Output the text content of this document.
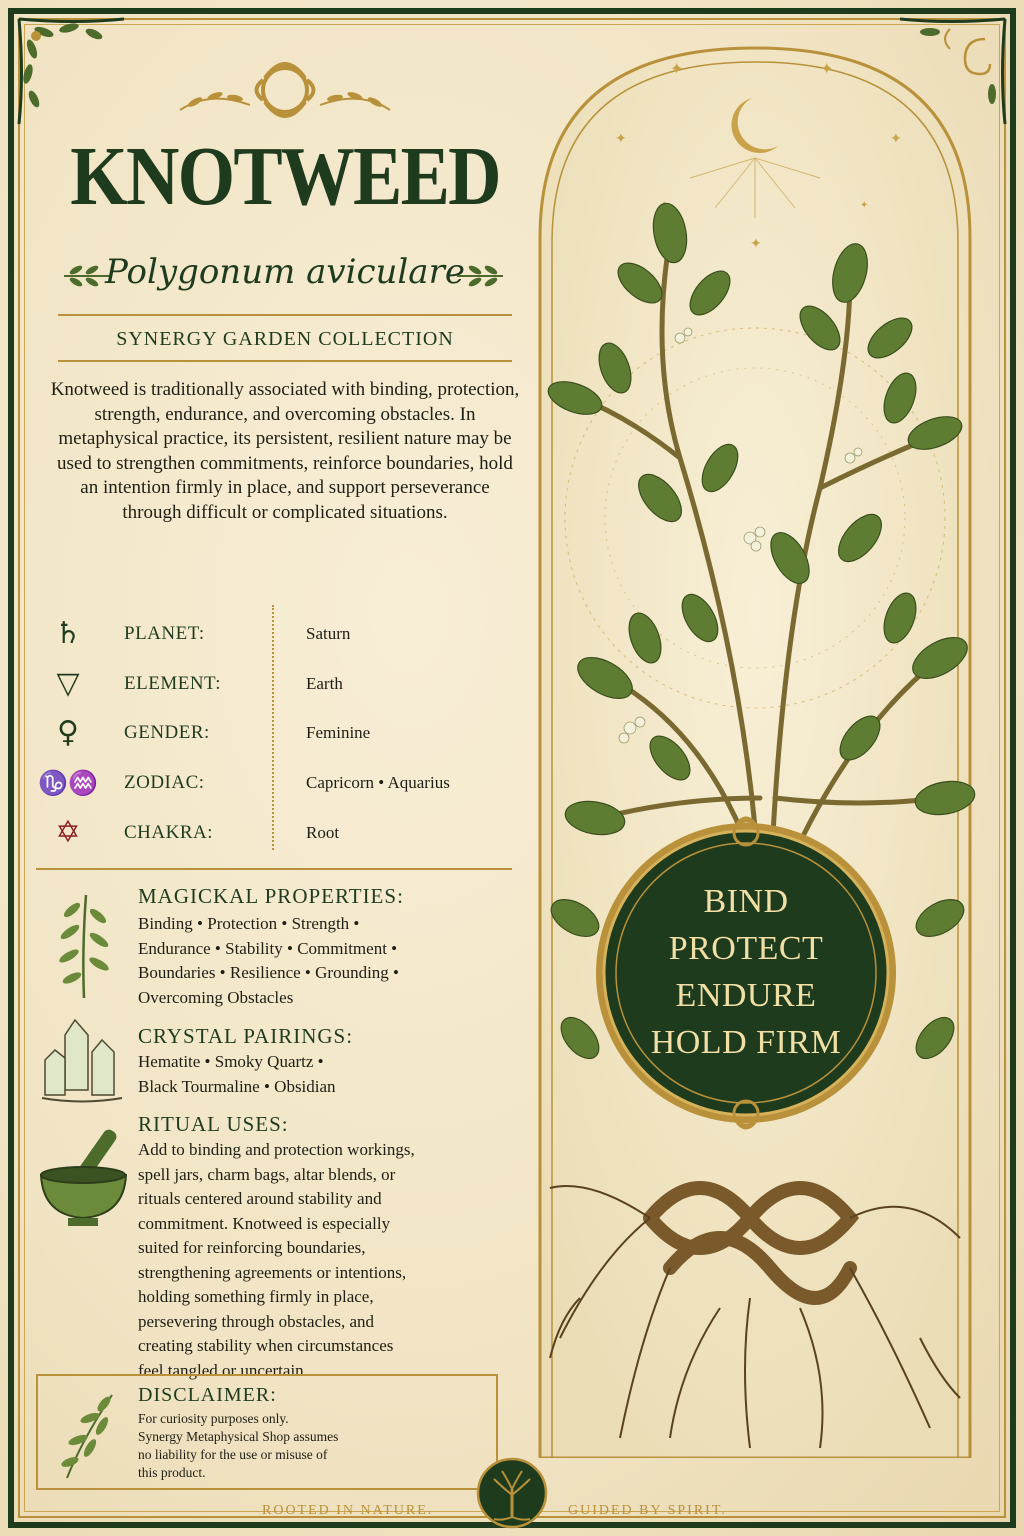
KNOTWEED
Polygonum aviculare
SYNERGY GARDEN COLLECTION
Knotweed is traditionally associated with binding, protection, strength, endurance, and overcoming obstacles. In metaphysical practice, its persistent, resilient nature may be used to strengthen commitments, reinforce boundaries, hold an intention firmly in place, and support perseverance through difficult or complicated situations.
♄	PLANET:	Saturn
▽	ELEMENT:	Earth
♀	GENDER:	Feminine
♑♒ ZODIAC:	Capricorn • Aquarius
✡	CHAKRA:	Root
MAGICKAL PROPERTIES:
Binding • Protection • Strength •
Endurance • Stability • Commitment •
Boundaries • Resilience • Grounding •
Overcoming Obstacles
CRYSTAL PAIRINGS:
Hematite • Smoky Quartz •
Black Tourmaline • Obsidian
RITUAL USES:
Add to binding and protection workings,
spell jars, charm bags, altar blends, or
rituals centered around stability and
commitment. Knotweed is especially
suited for reinforcing boundaries,
strengthening agreements or intentions,
holding something firmly in place,
persevering through obstacles, and
creating stability when circumstances
feel tangled or uncertain.
DISCLAIMER:
For curiosity purposes only.
Synergy Metaphysical Shop assumes
no liability for the use or misuse of
this product.
✦	✦
✦	✦
✦
✦
BIND
PROTECT
ENDURE
HOLD FIRM
ROOTED IN NATURE.	GUIDED BY SPIRIT.
